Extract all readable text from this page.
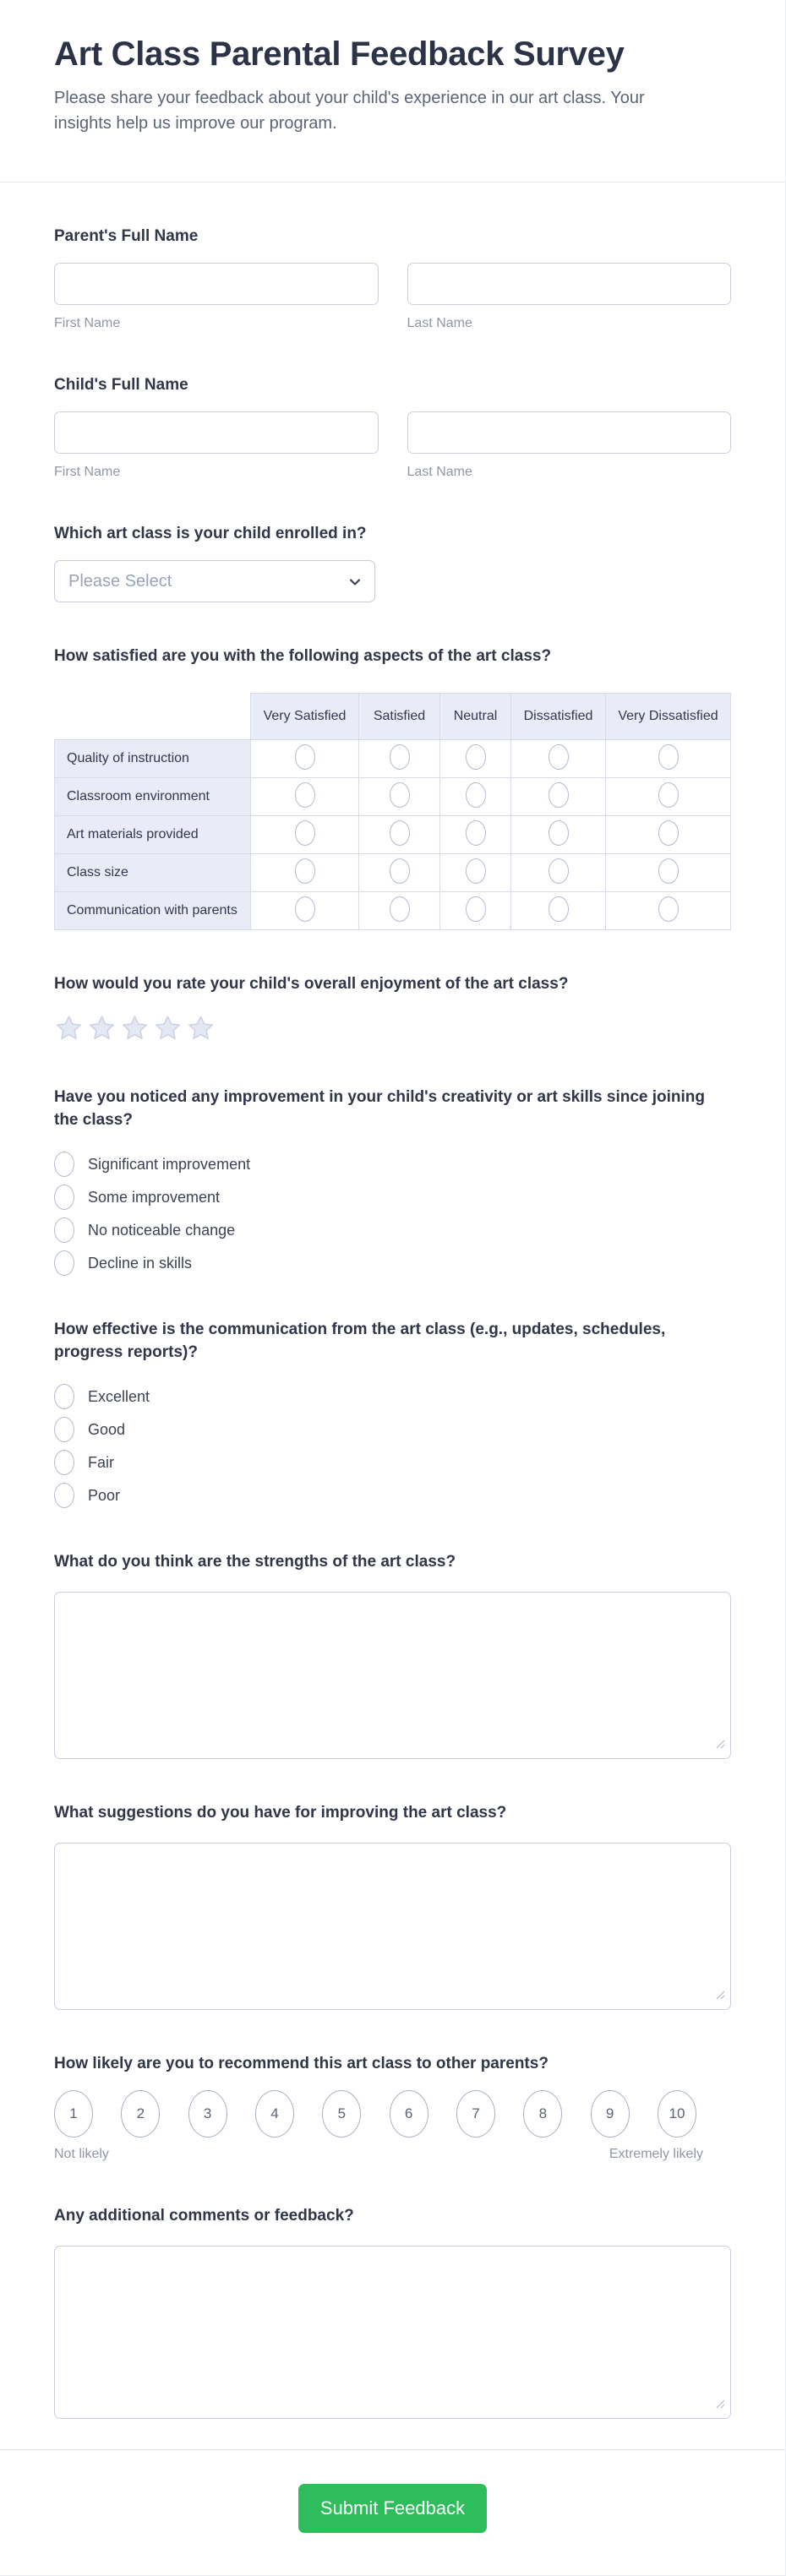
Art Class Parental Feedback Survey

Please share your feedback about your child's experience in our art class. Your insights help us improve our program.

Parent's Full Name
First Name	Last Name
Child's Full Name
First Name	Last Name
Which art class is your child enrolled in?
Please Select
How satisfied are you with the following aspects of the art class?
	Very Satisfied	Satisfied	Neutral	Dissatisfied	Very Dissatisfied
Quality of instruction					
Classroom environment					
Art materials provided					
Class size					
Communication with parents					
How would you rate your child's overall enjoyment of the art class?
Have you noticed any improvement in your child's creativity or art skills since joining the class?
Significant improvement
Some improvement
No noticeable change
Decline in skills
How effective is the communication from the art class (e.g., updates, schedules, progress reports)?
Excellent
Good
Fair
Poor
What do you think are the strengths of the art class?
What suggestions do you have for improving the art class?
How likely are you to recommend this art class to other parents?
1	2	3	4	5	6	7	8	9	10
Not likely	Extremely likely
Any additional comments or feedback?
Submit Feedback
